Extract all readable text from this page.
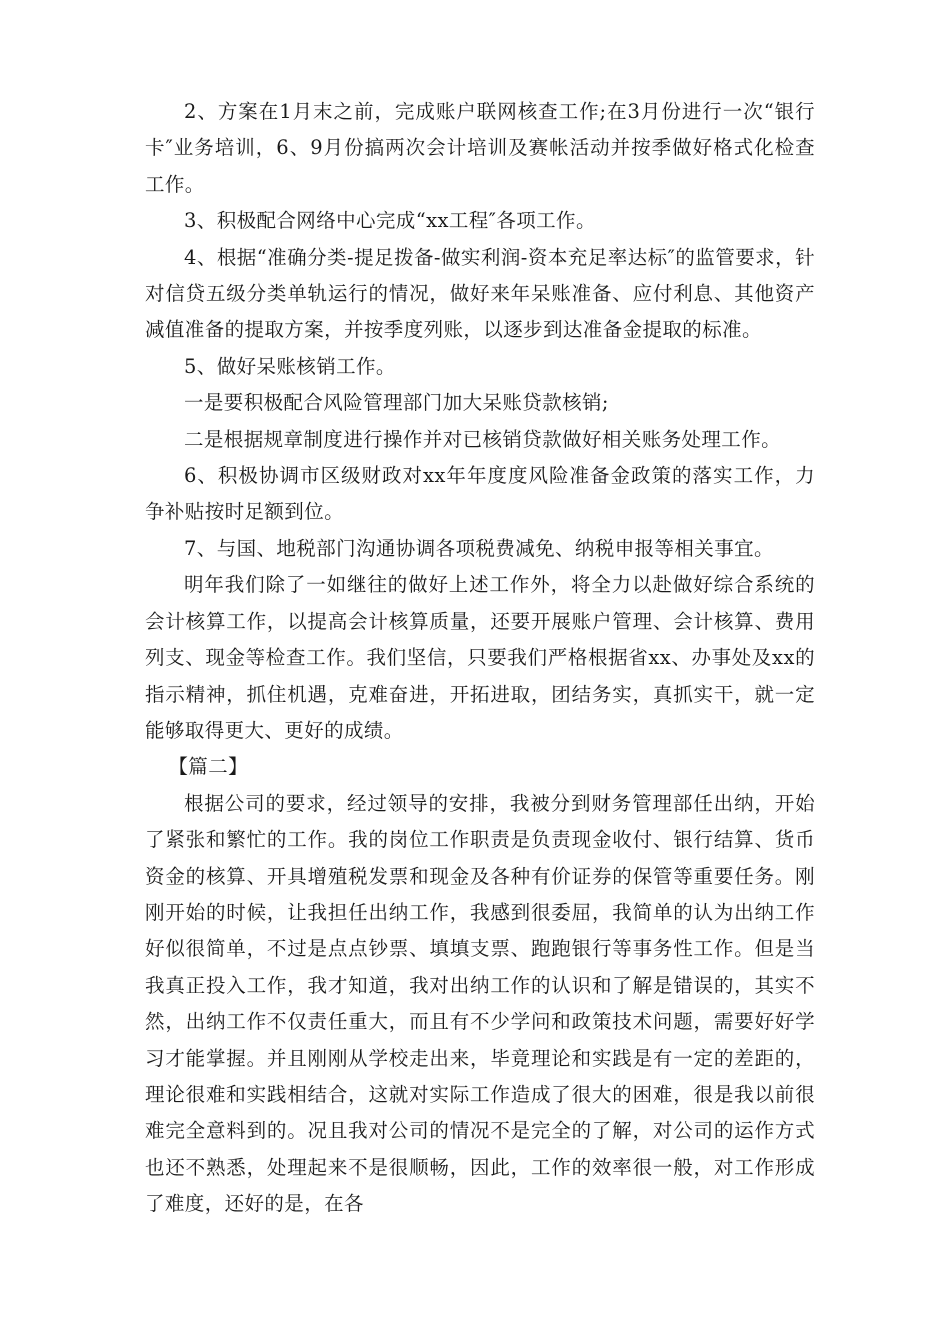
2、方案在1月末之前，完成账户联网核查工作;在3月份进行一次“银行卡″业务培训，6、9月份搞两次会计培训及赛帐活动并按季做好格式化检查工作。

3、积极配合网络中心完成“xx工程″各项工作。

4、根据“准确分类-提足拨备-做实利润-资本充足率达标″的监管要求，针对信贷五级分类单轨运行的情况，做好来年呆账准备、应付利息、其他资产减值准备的提取方案，并按季度列账，以逐步到达准备金提取的标准。

5、做好呆账核销工作。

一是要积极配合风险管理部门加大呆账贷款核销;

二是根据规章制度进行操作并对已核销贷款做好相关账务处理工作。

6、积极协调市区级财政对xx年年度度风险准备金政策的落实工作，力争补贴按时足额到位。

7、与国、地税部门沟通协调各项税费减免、纳税申报等相关事宜。

明年我们除了一如继往的做好上述工作外，将全力以赴做好综合系统的会计核算工作，以提高会计核算质量，还要开展账户管理、会计核算、费用列支、现金等检查工作。我们坚信，只要我们严格根据省xx、办事处及xx的指示精神，抓住机遇，克难奋进，开拓进取，团结务实，真抓实干，就一定能够取得更大、更好的成绩。

【篇二】

根据公司的要求，经过领导的安排，我被分到财务管理部任出纳，开始了紧张和繁忙的工作。我的岗位工作职责是负责现金收付、银行结算、货币资金的核算、开具增殖税发票和现金及各种有价证券的保管等重要任务。刚刚开始的时候，让我担任出纳工作，我感到很委屈，我简单的认为出纳工作好似很简单，不过是点点钞票、填填支票、跑跑银行等事务性工作。但是当我真正投入工作，我才知道，我对出纳工作的认识和了解是错误的，其实不然，出纳工作不仅责任重大，而且有不少学问和政策技术问题，需要好好学习才能掌握。并且刚刚从学校走出来，毕竟理论和实践是有一定的差距的，理论很难和实践相结合，这就对实际工作造成了很大的困难，很是我以前很难完全意料到的。况且我对公司的情况不是完全的了解，对公司的运作方式也还不熟悉，处理起来不是很顺畅，因此，工作的效率很一般，对工作形成了难度，还好的是，在各
